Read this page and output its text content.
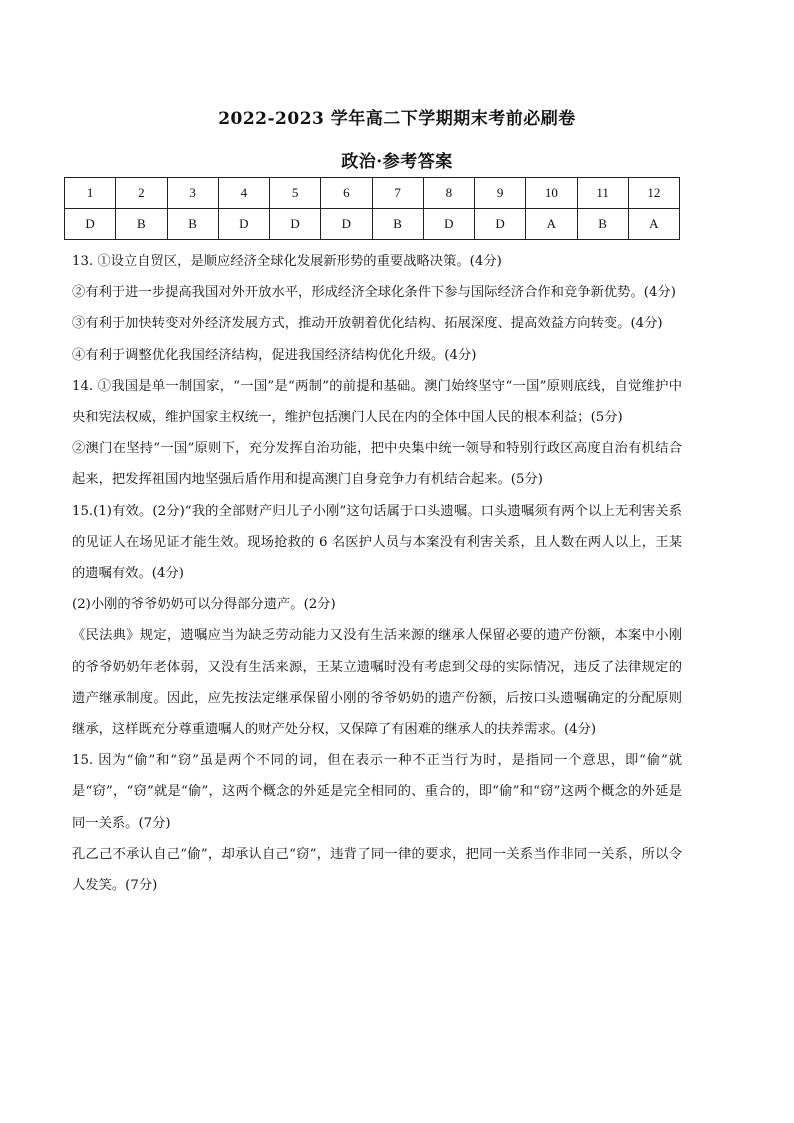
2022-2023 学年高二下学期期末考前必刷卷
政治·参考答案
1	2	3	4	5	6	7	8	9	10	11	12
D	B	B	D	D	D	B	D	D	A	B	A

13. ①设立自贸区，是顺应经济全球化发展新形势的重要战略决策。(4分)

②有利于进一步提高我国对外开放水平，形成经济全球化条件下参与国际经济合作和竞争新优势。(4分)

③有利于加快转变对外经济发展方式，推动开放朝着优化结构、拓展深度、提高效益方向转变。(4分)

④有利于调整优化我国经济结构，促进我国经济结构优化升级。(4分)

14. ①我国是单一制国家，“一国”是“两制”的前提和基础。澳门始终坚守“一国”原则底线，自觉维护中央和宪法权威，维护国家主权统一，维护包括澳门人民在内的全体中国人民的根本利益；(5分)

②澳门在坚持“一国”原则下，充分发挥自治功能，把中央集中统一领导和特别行政区高度自治有机结合起来，把发挥祖国内地坚强后盾作用和提高澳门自身竞争力有机结合起来。(5分)

15.(1)有效。(2分)“我的全部财产归儿子小刚”这句话属于口头遗嘱。口头遗嘱须有两个以上无利害关系的见证人在场见证才能生效。现场抢救的 6 名医护人员与本案没有利害关系，且人数在两人以上，王某的遗嘱有效。(4分)

(2)小刚的爷爷奶奶可以分得部分遗产。(2分)

《民法典》规定，遗嘱应当为缺乏劳动能力又没有生活来源的继承人保留必要的遗产份额，本案中小刚的爷爷奶奶年老体弱，又没有生活来源，王某立遗嘱时没有考虑到父母的实际情况，违反了法律规定的遗产继承制度。因此，应先按法定继承保留小刚的爷爷奶奶的遗产份额，后按口头遗嘱确定的分配原则继承，这样既充分尊重遗嘱人的财产处分权，又保障了有困难的继承人的扶养需求。(4分)

15. 因为“偷”和“窃”虽是两个不同的词，但在表示一种不正当行为时，是指同一个意思，即“偷”就是“窃”，“窃”就是“偷”，这两个概念的外延是完全相同的、重合的，即“偷”和“窃”这两个概念的外延是同一关系。(7分)

孔乙己不承认自己“偷”，却承认自己“窃”，违背了同一律的要求，把同一关系当作非同一关系，所以令人发笑。(7分)
